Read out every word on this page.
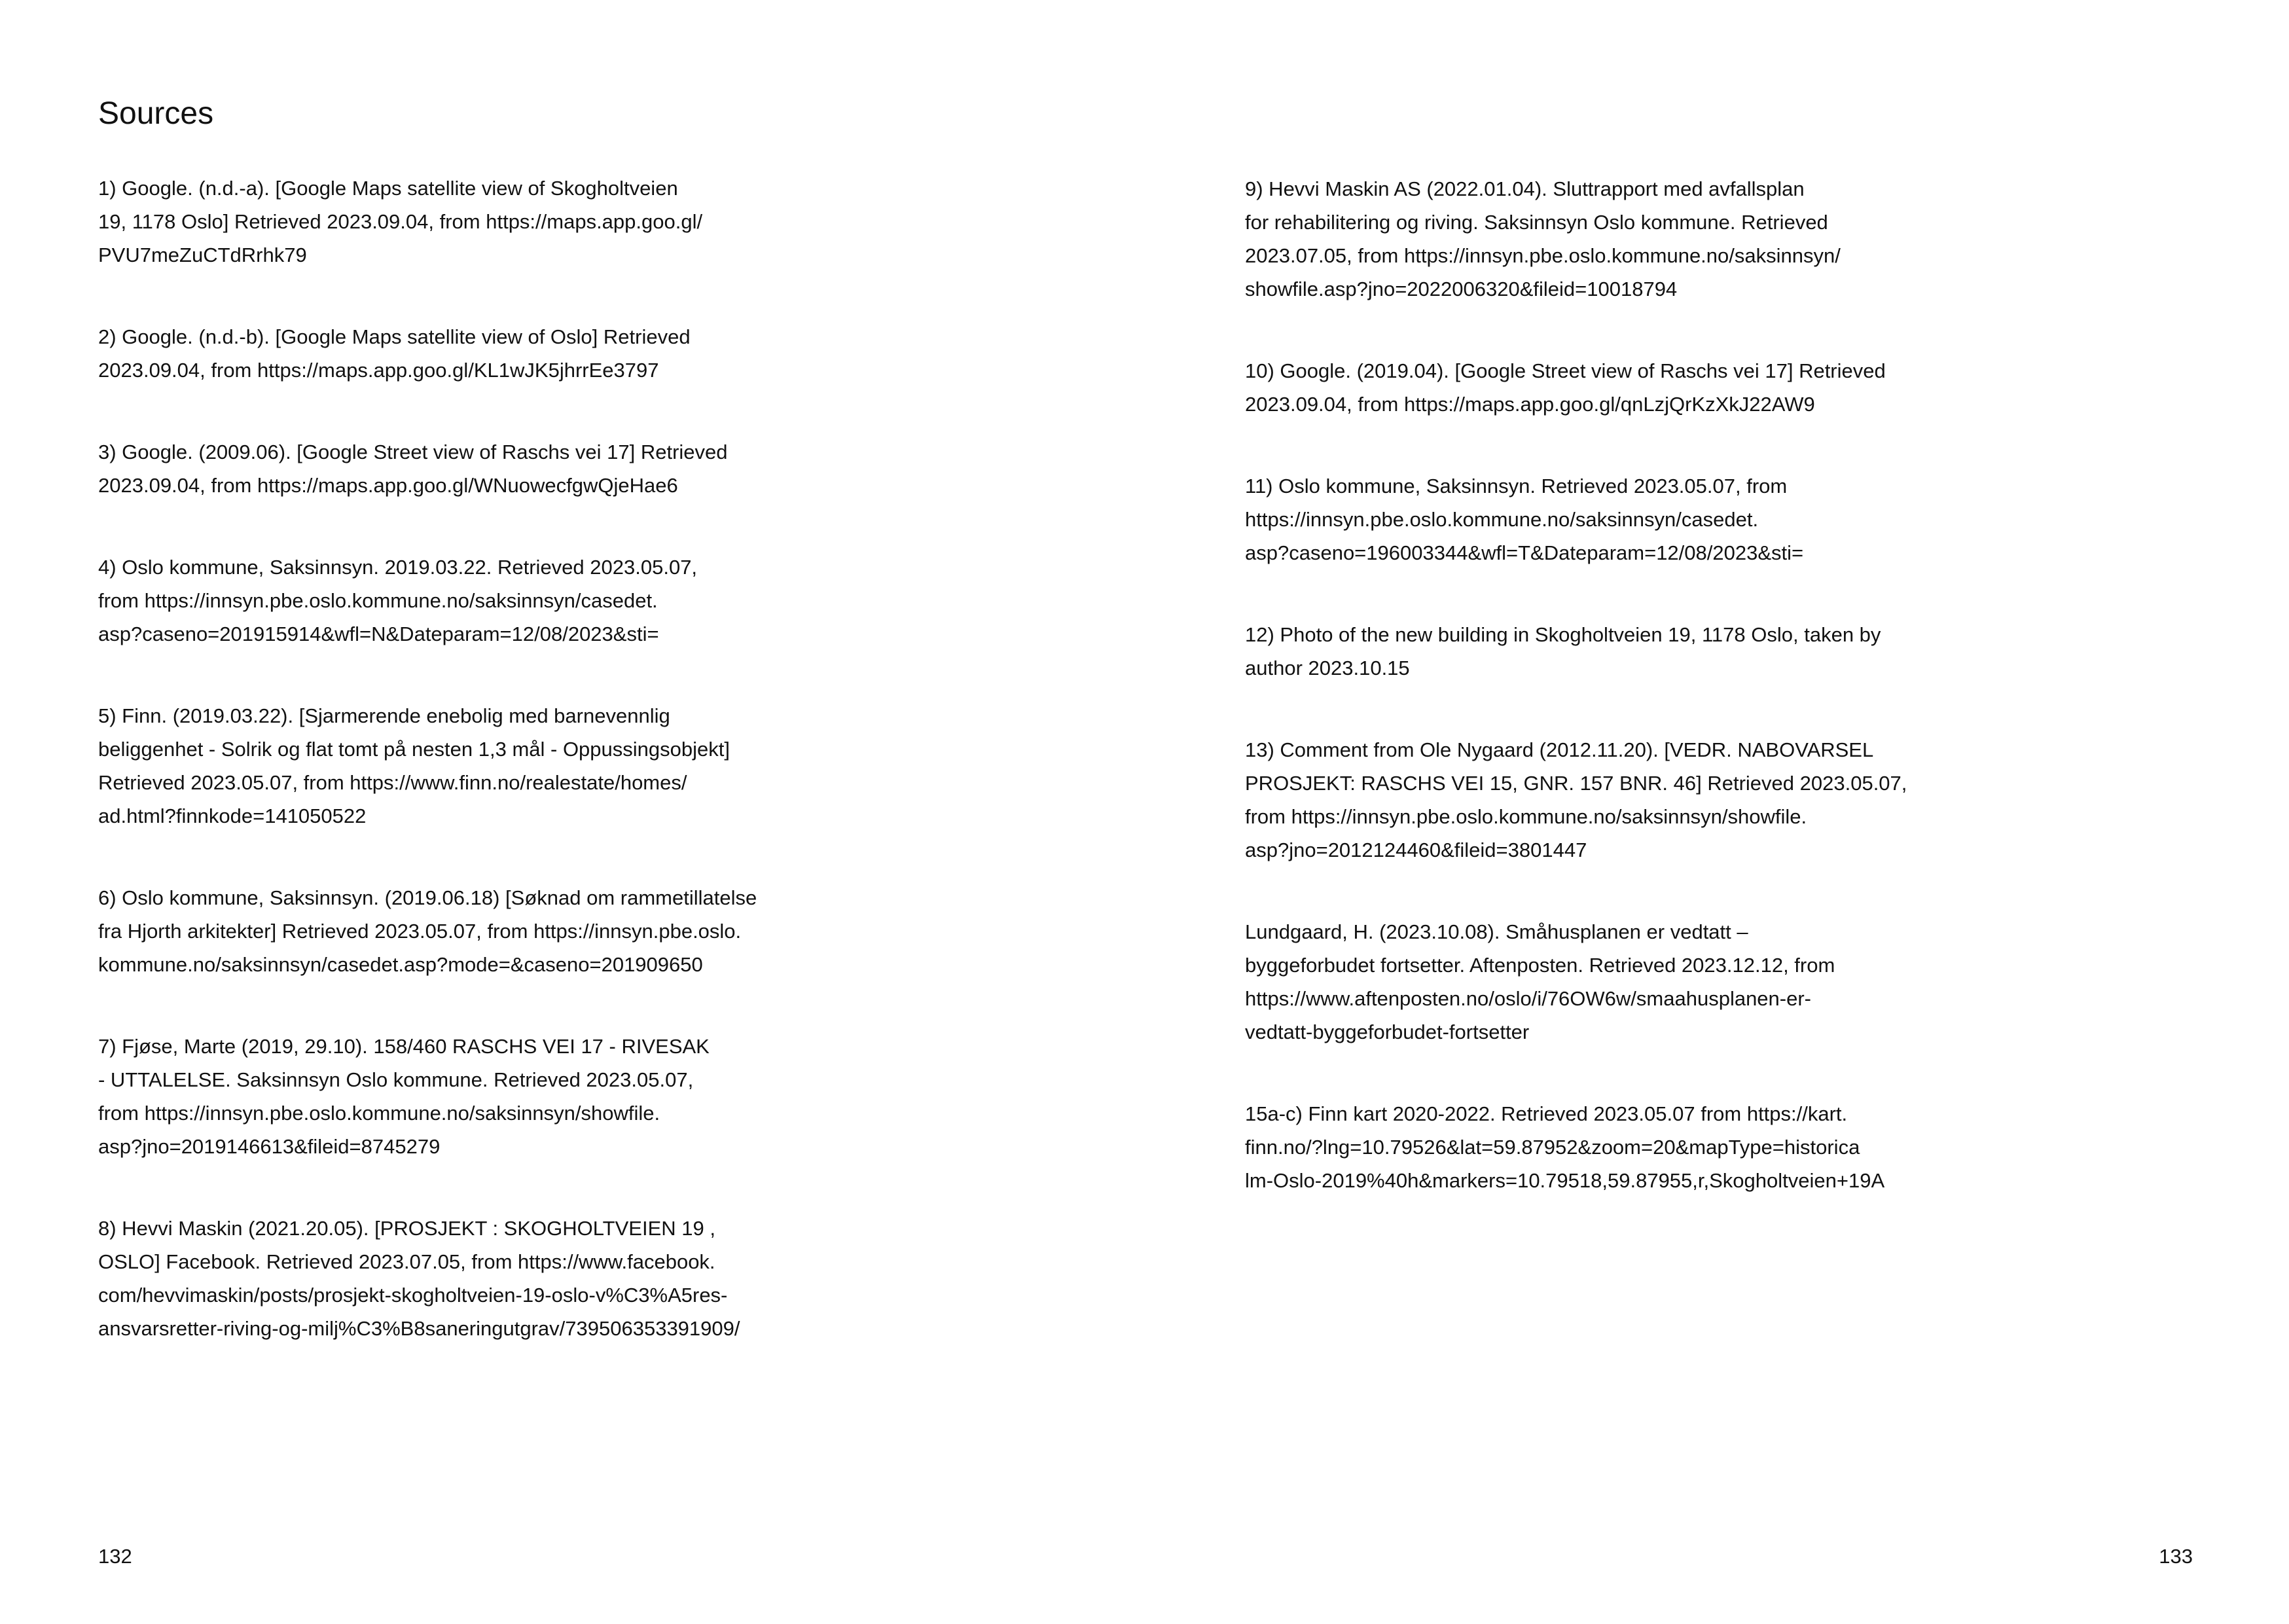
Sources

1) Google. (n.d.-a). [Google Maps satellite view of Skogholtveien
19, 1178 Oslo] Retrieved 2023.09.04, from https://maps.app.goo.gl/
PVU7meZuCTdRrhk79

2) Google. (n.d.-b). [Google Maps satellite view of Oslo] Retrieved
2023.09.04, from https://maps.app.goo.gl/KL1wJK5jhrrEe3797

3) Google. (2009.06). [Google Street view of Raschs vei 17] Retrieved
2023.09.04, from https://maps.app.goo.gl/WNuowecfgwQjeHae6

4) Oslo kommune, Saksinnsyn. 2019.03.22. Retrieved 2023.05.07,
from https://innsyn.pbe.oslo.kommune.no/saksinnsyn/casedet.
asp?caseno=201915914&wfl=N&Dateparam=12/08/2023&sti=

5) Finn. (2019.03.22). [Sjarmerende enebolig med barnevennlig
beliggenhet - Solrik og flat tomt på nesten 1,3 mål - Oppussingsobjekt]
Retrieved 2023.05.07, from https://www.finn.no/realestate/homes/
ad.html?finnkode=141050522

6) Oslo kommune, Saksinnsyn. (2019.06.18) [Søknad om rammetillatelse
fra Hjorth arkitekter] Retrieved 2023.05.07, from https://innsyn.pbe.oslo.
kommune.no/saksinnsyn/casedet.asp?mode=&caseno=201909650

7) Fjøse, Marte (2019, 29.10). 158/460 RASCHS VEI 17 - RIVESAK
- UTTALELSE. Saksinnsyn Oslo kommune. Retrieved 2023.05.07,
from https://innsyn.pbe.oslo.kommune.no/saksinnsyn/showfile.
asp?jno=2019146613&fileid=8745279

8) Hevvi Maskin (2021.20.05). [PROSJEKT : SKOGHOLTVEIEN 19 ,
OSLO] Facebook. Retrieved 2023.07.05, from https://www.facebook.
com/hevvimaskin/posts/prosjekt-skogholtveien-19-oslo-v%C3%A5res-
ansvarsretter-riving-og-milj%C3%B8saneringutgrav/739506353391909/

9) Hevvi Maskin AS (2022.01.04). Sluttrapport med avfallsplan
for rehabilitering og riving. Saksinnsyn Oslo kommune. Retrieved
2023.07.05, from https://innsyn.pbe.oslo.kommune.no/saksinnsyn/
showfile.asp?jno=2022006320&fileid=10018794

10) Google. (2019.04). [Google Street view of Raschs vei 17] Retrieved
2023.09.04, from https://maps.app.goo.gl/qnLzjQrKzXkJ22AW9

11) Oslo kommune, Saksinnsyn. Retrieved 2023.05.07, from
https://innsyn.pbe.oslo.kommune.no/saksinnsyn/casedet.
asp?caseno=196003344&wfl=T&Dateparam=12/08/2023&sti=

12) Photo of the new building in Skogholtveien 19, 1178 Oslo, taken by
author 2023.10.15

13) Comment from Ole Nygaard (2012.11.20). [VEDR. NABOVARSEL
PROSJEKT: RASCHS VEI 15, GNR. 157 BNR. 46] Retrieved 2023.05.07,
from https://innsyn.pbe.oslo.kommune.no/saksinnsyn/showfile.
asp?jno=2012124460&fileid=3801447

Lundgaard, H. (2023.10.08). Småhusplanen er vedtatt –
byggeforbudet fortsetter. Aftenposten. Retrieved 2023.12.12, from
https://www.aftenposten.no/oslo/i/76OW6w/smaahusplanen-er-
vedtatt-byggeforbudet-fortsetter

15a-c) Finn kart 2020-2022. Retrieved 2023.05.07 from https://kart.
finn.no/?lng=10.79526&lat=59.87952&zoom=20&mapType=historica
lm-Oslo-2019%40h&markers=10.79518,59.87955,r,Skogholtveien+19A

132	133
